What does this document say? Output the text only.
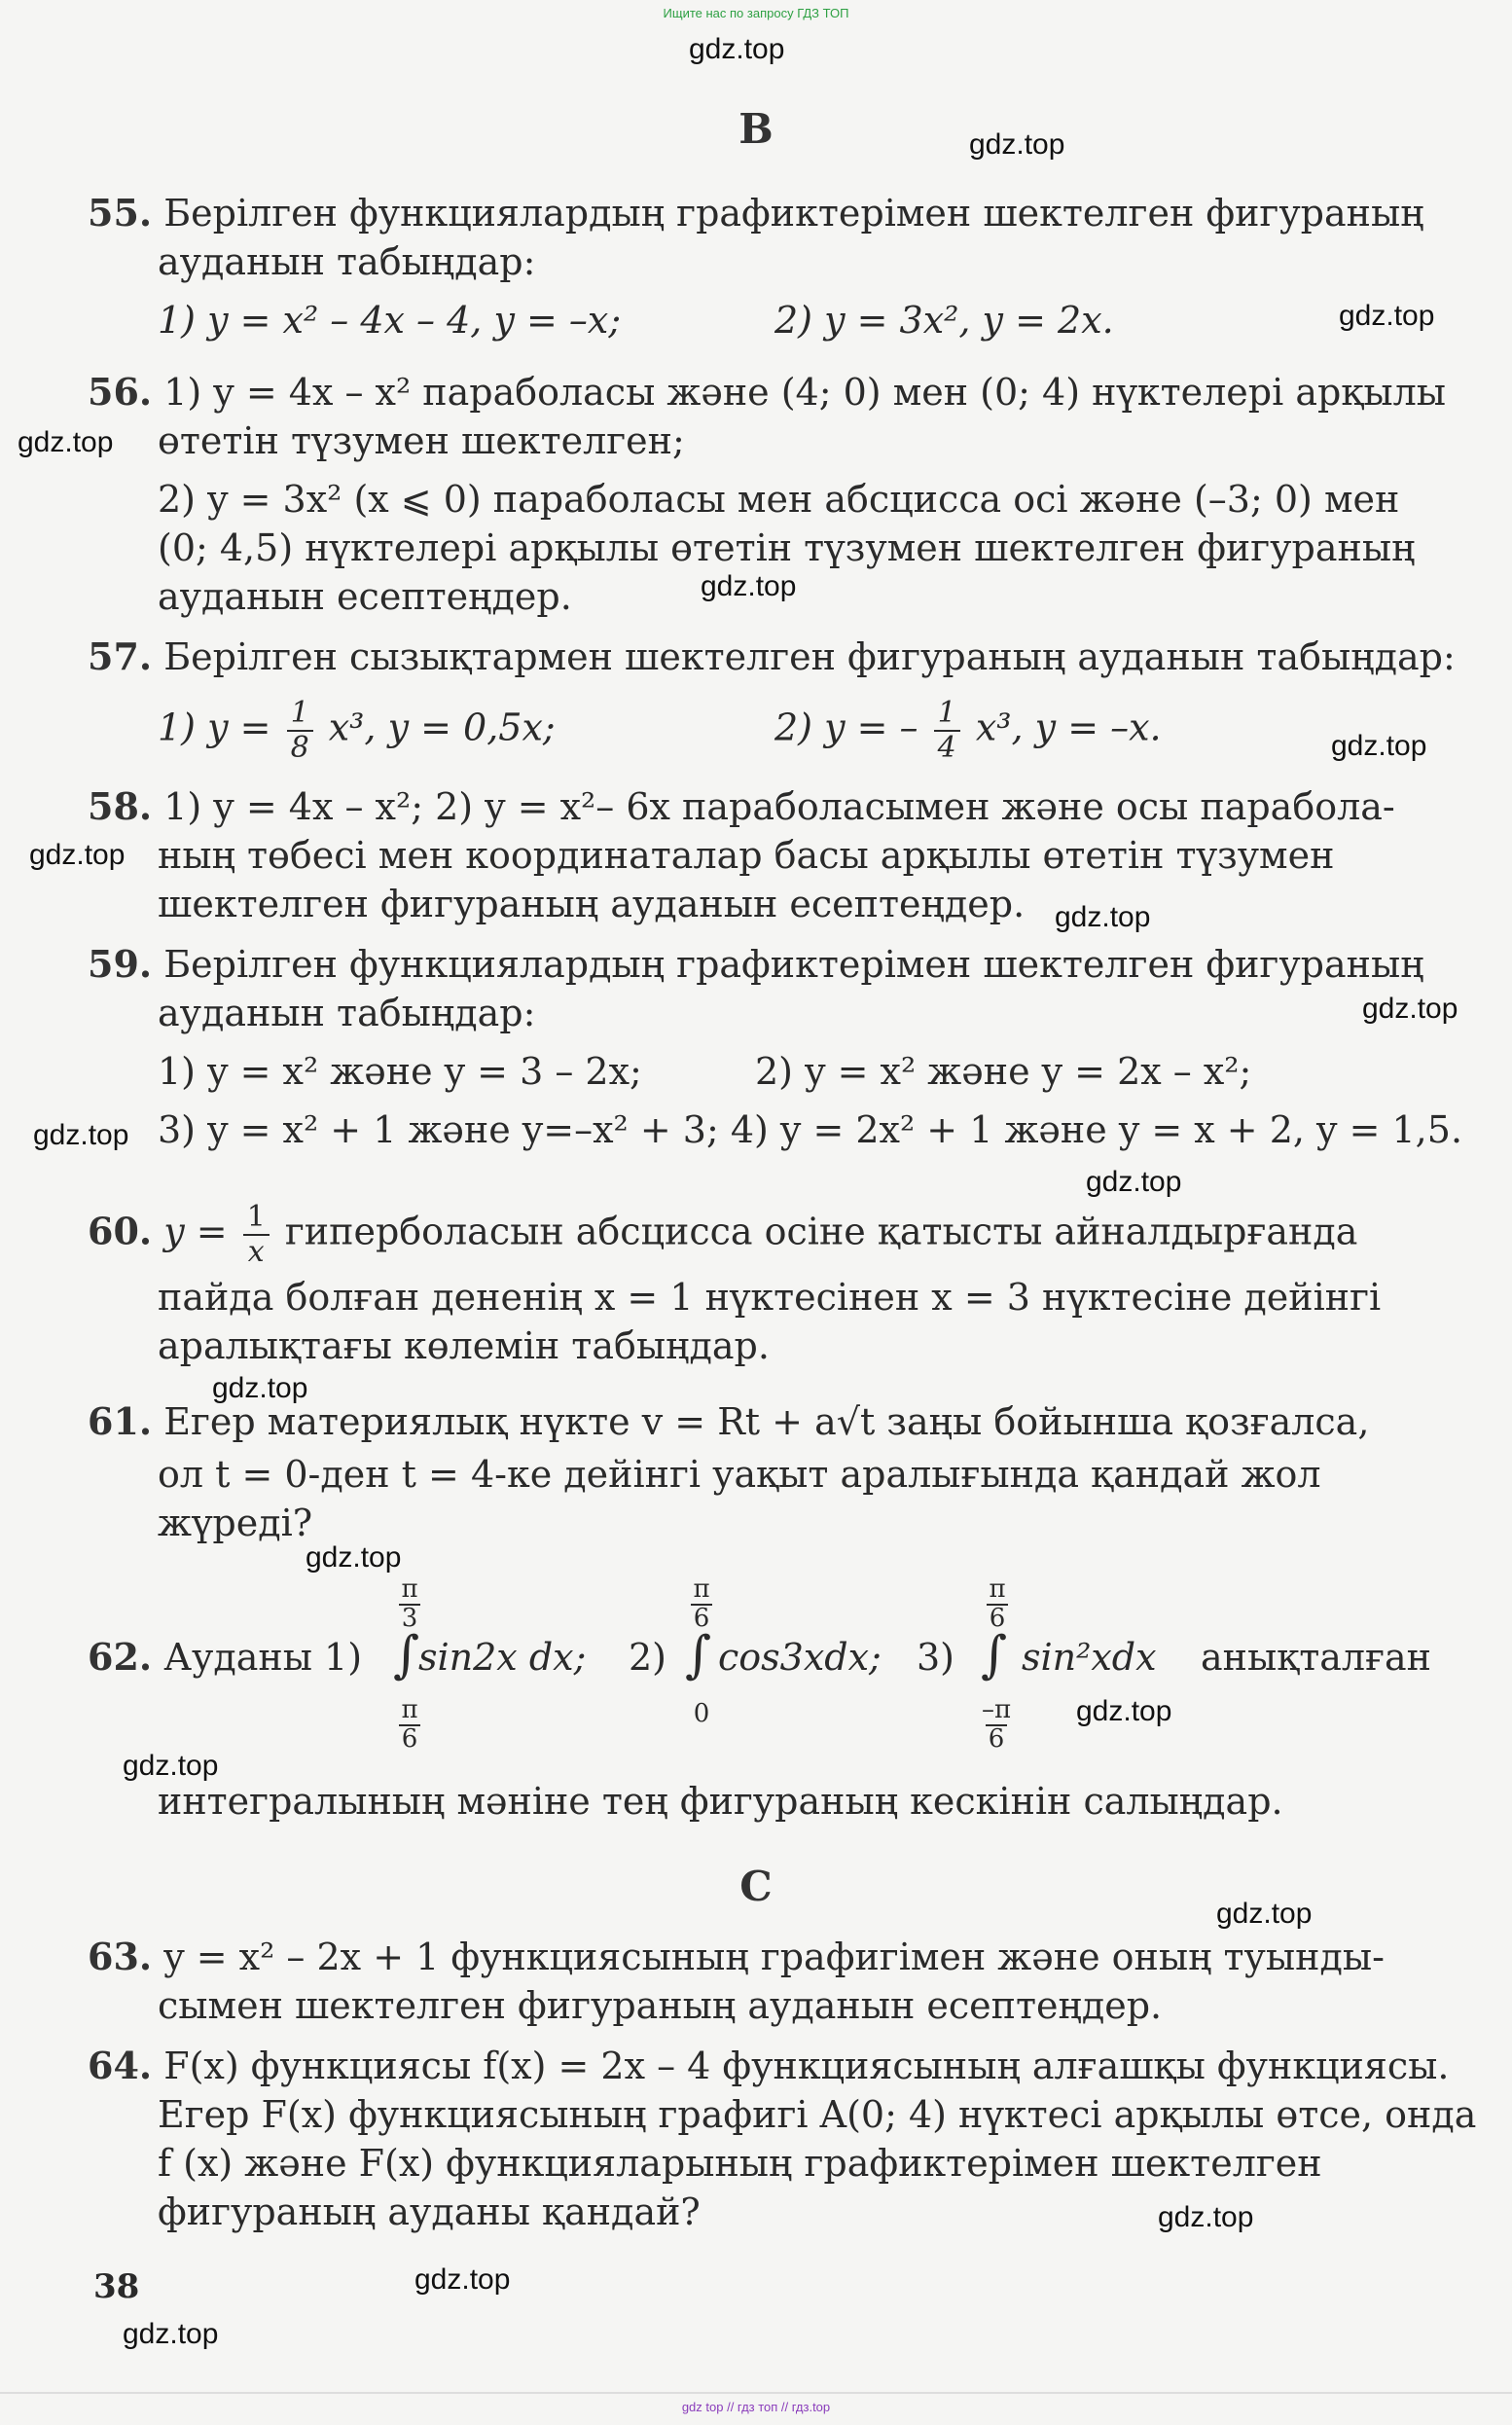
Ищите нас по запросу ГДЗ ТОП
gdz.top
gdz.top
gdz.top
gdz.top
gdz.top
gdz.top
gdz.top
gdz.top
gdz.top
gdz.top
gdz.top
gdz.top
gdz.top
gdz.top
gdz.top
gdz.top
gdz.top
gdz.top
gdz.top
B
55. Берілген функциялардың графиктерімен шектелген фигураның
ауданын табыңдар:
1) y = x² – 4x – 4, y = –x;	2) y = 3x², y = 2x.
56. 1) y = 4x – x² параболасы және (4; 0) мен (0; 4) нүктелері арқылы
өтетін түзумен шектелген;
2) y = 3x² (x ⩽ 0) параболасы мен абсцисса осі және (–3; 0) мен
(0; 4,5) нүктелері арқылы өтетін түзумен шектелген фигураның
ауданын есептеңдер.
57. Берілген сызықтармен шектелген фигураның ауданын табыңдар:
1) $y = \frac{1}{8} x^3$, y = 0,5x;	2) y = – $\frac{1}{4} x^3$, y = –x.
58. 1) y = 4x – x²; 2) y = x²– 6x параболасымен және осы парабола-
ның төбесі мен координаталар басы арқылы өтетін түзумен
шектелген фигураның ауданын есептеңдер.
59. Берілген функциялардың графиктерімен шектелген фигураның
ауданын табыңдар:
1) y = x² және y = 3 – 2x;	2) y = x² және y = 2x – x²;
3) y = x² + 1 және y=–x² + 3; 4) y = 2x² + 1 және y = x + 2, y = 1,5.
60. $y = \frac{1}{x}$ гиперболасын абсцисса осіне қатысты айналдырғанда
пайда болған дененің x = 1 нүктесінен x = 3 нүктесіне дейінгі
аралықтағы көлемін табыңдар.
61. Егер материялық нүкте v = Rt + a√t заңы бойынша қозғалса,
ол t = 0-ден t = 4-ке дейінгі уақыт аралығында қандай жол
жүреді?
62. Ауданы 1)
π
3
∫
π
6
sin2x dx; 2)
π
6
∫
0
cos3xdx; 3)
π
6
∫
–π
6
sin²xdx анықталған
интегралының мәніне тең фигураның кескінін салыңдар.
C
63. y = x² – 2x + 1 функциясының графигімен және оның туынды-
сымен шектелген фигураның ауданын есептеңдер.
64. F(x) функциясы f(x) = 2x – 4 функциясының алғашқы функциясы.
Егер F(x) функциясының графигі A(0; 4) нүктесі арқылы өтсе, онда
f (x) және F(x) функцияларының графиктерімен шектелген
фигураның ауданы қандай?
38
gdz top // гдз топ // гдз.top
